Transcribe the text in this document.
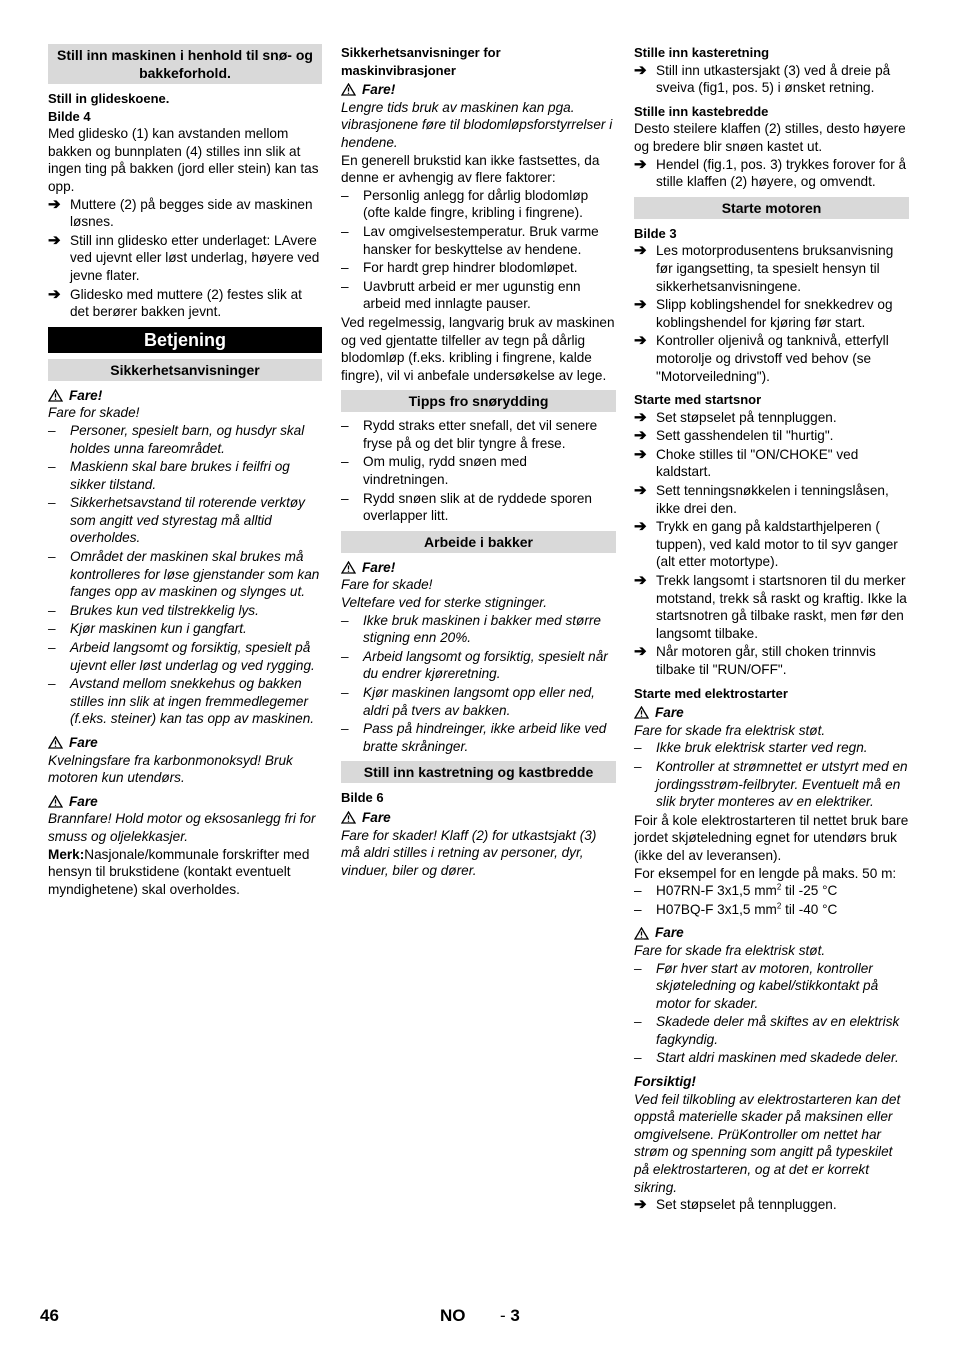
Still inn maskinen i henhold til snø- og bakkeforhold.
Still in glideskoene.
Bilde 4

Med glidesko (1) kan avstanden mellom bakken og bunnplaten (4) stilles inn slik at ingen ting på bakken (jord eller stein) kan tas opp.

➔ Muttere (2) på begges side av maskinen løsnes.
➔ Still inn glidesko etter underlaget: LAvere ved ujevnt eller løst underlag, høyere ved jevne flater.
➔ Glidesko med muttere (2) festes slik at det berører bakken jevnt.
Betjening
Sikkerhetsanvisninger
Fare!

Fare for skade!

– Personer, spesielt barn, og husdyr skal holdes unna fareområdet.
– Maskienn skal bare brukes i feilfri og sikker tilstand.
– Sikkerhetsavstand til roterende verktøy som angitt ved styrestag må alltid overholdes.
– Området der maskinen skal brukes må kontrolleres for løse gjenstander som kan fanges opp av maskinen og slynges ut.
– Brukes kun ved tilstrekkelig lys.
– Kjør maskinen kun i gangfart.
– Arbeid langsomt og forsiktig, spesielt på ujevnt eller løst underlag og ved rygging.
– Avstand mellom snekkehus og bakken stilles inn slik at ingen fremmedlegemer (f.eks. steiner) kan tas opp av maskinen.
Fare

Kvelningsfare fra karbonmonoksyd! Bruk motoren kun utendørs.

Fare

Brannfare! Hold motor og eksosanlegg fri for smuss og oljelekkasjer.

Merk:Nasjonale/kommunale forskrifter med hensyn til brukstidene (kontakt eventuelt myndighetene) skal overholdes.

Sikkerhetsanvisninger for maskinvibrasjoner
Fare!

Lengre tids bruk av maskinen kan pga. vibrasjonene føre til blodomløpsforstyrrelser i hendene.

En generell brukstid kan ikke fastsettes, da denne er avhengig av flere faktorer:

– Personlig anlegg for dårlig blodomløp (ofte kalde fingre, kribling i fingrene).
– Lav omgivelsestemperatur. Bruk varme hansker for beskyttelse av hendene.
– For hardt grep hindrer blodomløpet.
– Uavbrutt arbeid er mer ugunstig enn arbeid med innlagte pauser.

Ved regelmessig, langvarig bruk av maskinen og ved gjentatte tilfeller av tegn på dårlig blodomløp (f.eks. kribling i fingrene, kalde fingre), vil vi anbefale undersøkelse av lege.

Tipps fro snørydding
– Rydd straks etter snefall, det vil senere fryse på og det blir tyngre å frese.
– Om mulig, rydd snøen med vindretningen.
– Rydd snøen slik at de ryddede sporen overlapper litt.
Arbeide i bakker
Fare!

Fare for skade!

Veltefare ved for sterke stigninger.

– Ikke bruk maskinen i bakker med større stigning enn 20%.
– Arbeid langsomt og forsiktig, spesielt når du endrer kjøreretning.
– Kjør maskinen langsomt opp eller ned, aldri på tvers av bakken.
– Pass på hindreinger, ikke arbeid like ved bratte skråninger.
Still inn kastretning og kastbredde
Bilde 6
Fare

Fare for skader! Klaff (2) for utkastsjakt (3) må aldri stilles i retning av personer, dyr, vinduer, biler og dører.

Stille inn kasteretning
➔ Still inn utkastersjakt (3) ved å dreie på sveiva (fig1, pos. 5) i ønsket retning.
Stille inn kastebredde

Desto steilere klaffen (2) stilles, desto høyere og bredere blir snøen kastet ut.

➔ Hendel (fig.1, pos. 3) trykkes forover for å stille klaffen (2) høyere, og omvendt.
Starte motoren
Bilde 3
➔ Les motorprodusentens bruksanvisning før igangsetting, ta spesielt hensyn til sikkerhetsanvisningene.
➔ Slipp koblingshendel for snekkedrev og koblingshendel for kjøring før start.
➔ Kontroller oljenivå og tanknivå, etterfyll motorolje og drivstoff ved behov (se "Motorveiledning").
Starte med startsnor
➔ Set støpselet på tennpluggen.
➔ Sett gasshendelen til "hurtig".
➔ Choke stilles til "ON/CHOKE" ved kaldstart.
➔ Sett tenningsnøkkelen i tenningslåsen, ikke drei den.
➔ Trykk en gang på kaldstarthjelperen ( tuppen), ved kald motor to til syv ganger (alt etter motortype).
➔ Trekk langsomt i startsnoren til du merker motstand, trekk så raskt og kraftig. Ikke la startsnotren gå tilbake raskt, men før den langsomt tilbake.
➔ Når motoren går, still choken trinnvis tilbake til "RUN/OFF".
Starte med elektrostarter
Fare

Fare for skade fra elektrisk støt.

– Ikke bruk elektrisk starter ved regn.
– Kontroller at strømnettet er utstyrt med en jordingsstrøm-feilbryter. Eventuelt må en slik bryter monteres av en elektriker.

Foir å kole elektrostarteren til nettet bruk bare jordet skjøteledning egnet for utendørs bruk (ikke del av leveransen).

For eksempel for en lengde på maks. 50 m:

– H07RN-F 3x1,5 $mm^2$ til -25 °C
– H07BQ-F 3x1,5 $mm^2$ til -40 °C
Fare

Fare for skade fra elektrisk støt.

– Før hver start av motoren, kontroller skjøteledning og kabel/stikkontakt på motor for skader.
– Skadede deler må skiftes av en elektrisk fagkyndig.
– Start aldri maskinen med skadede deler.
Forsiktig!

Ved feil tilkobling av elektrostarteren kan det oppstå materielle skader på maksinen eller omgivelsene. PrüKontroller om nettet har strøm og spenning som angitt på typeskilet på elektrostarteren, og at det er korrekt sikring.

➔ Set støpselet på tennpluggen.
46	NO - 3
